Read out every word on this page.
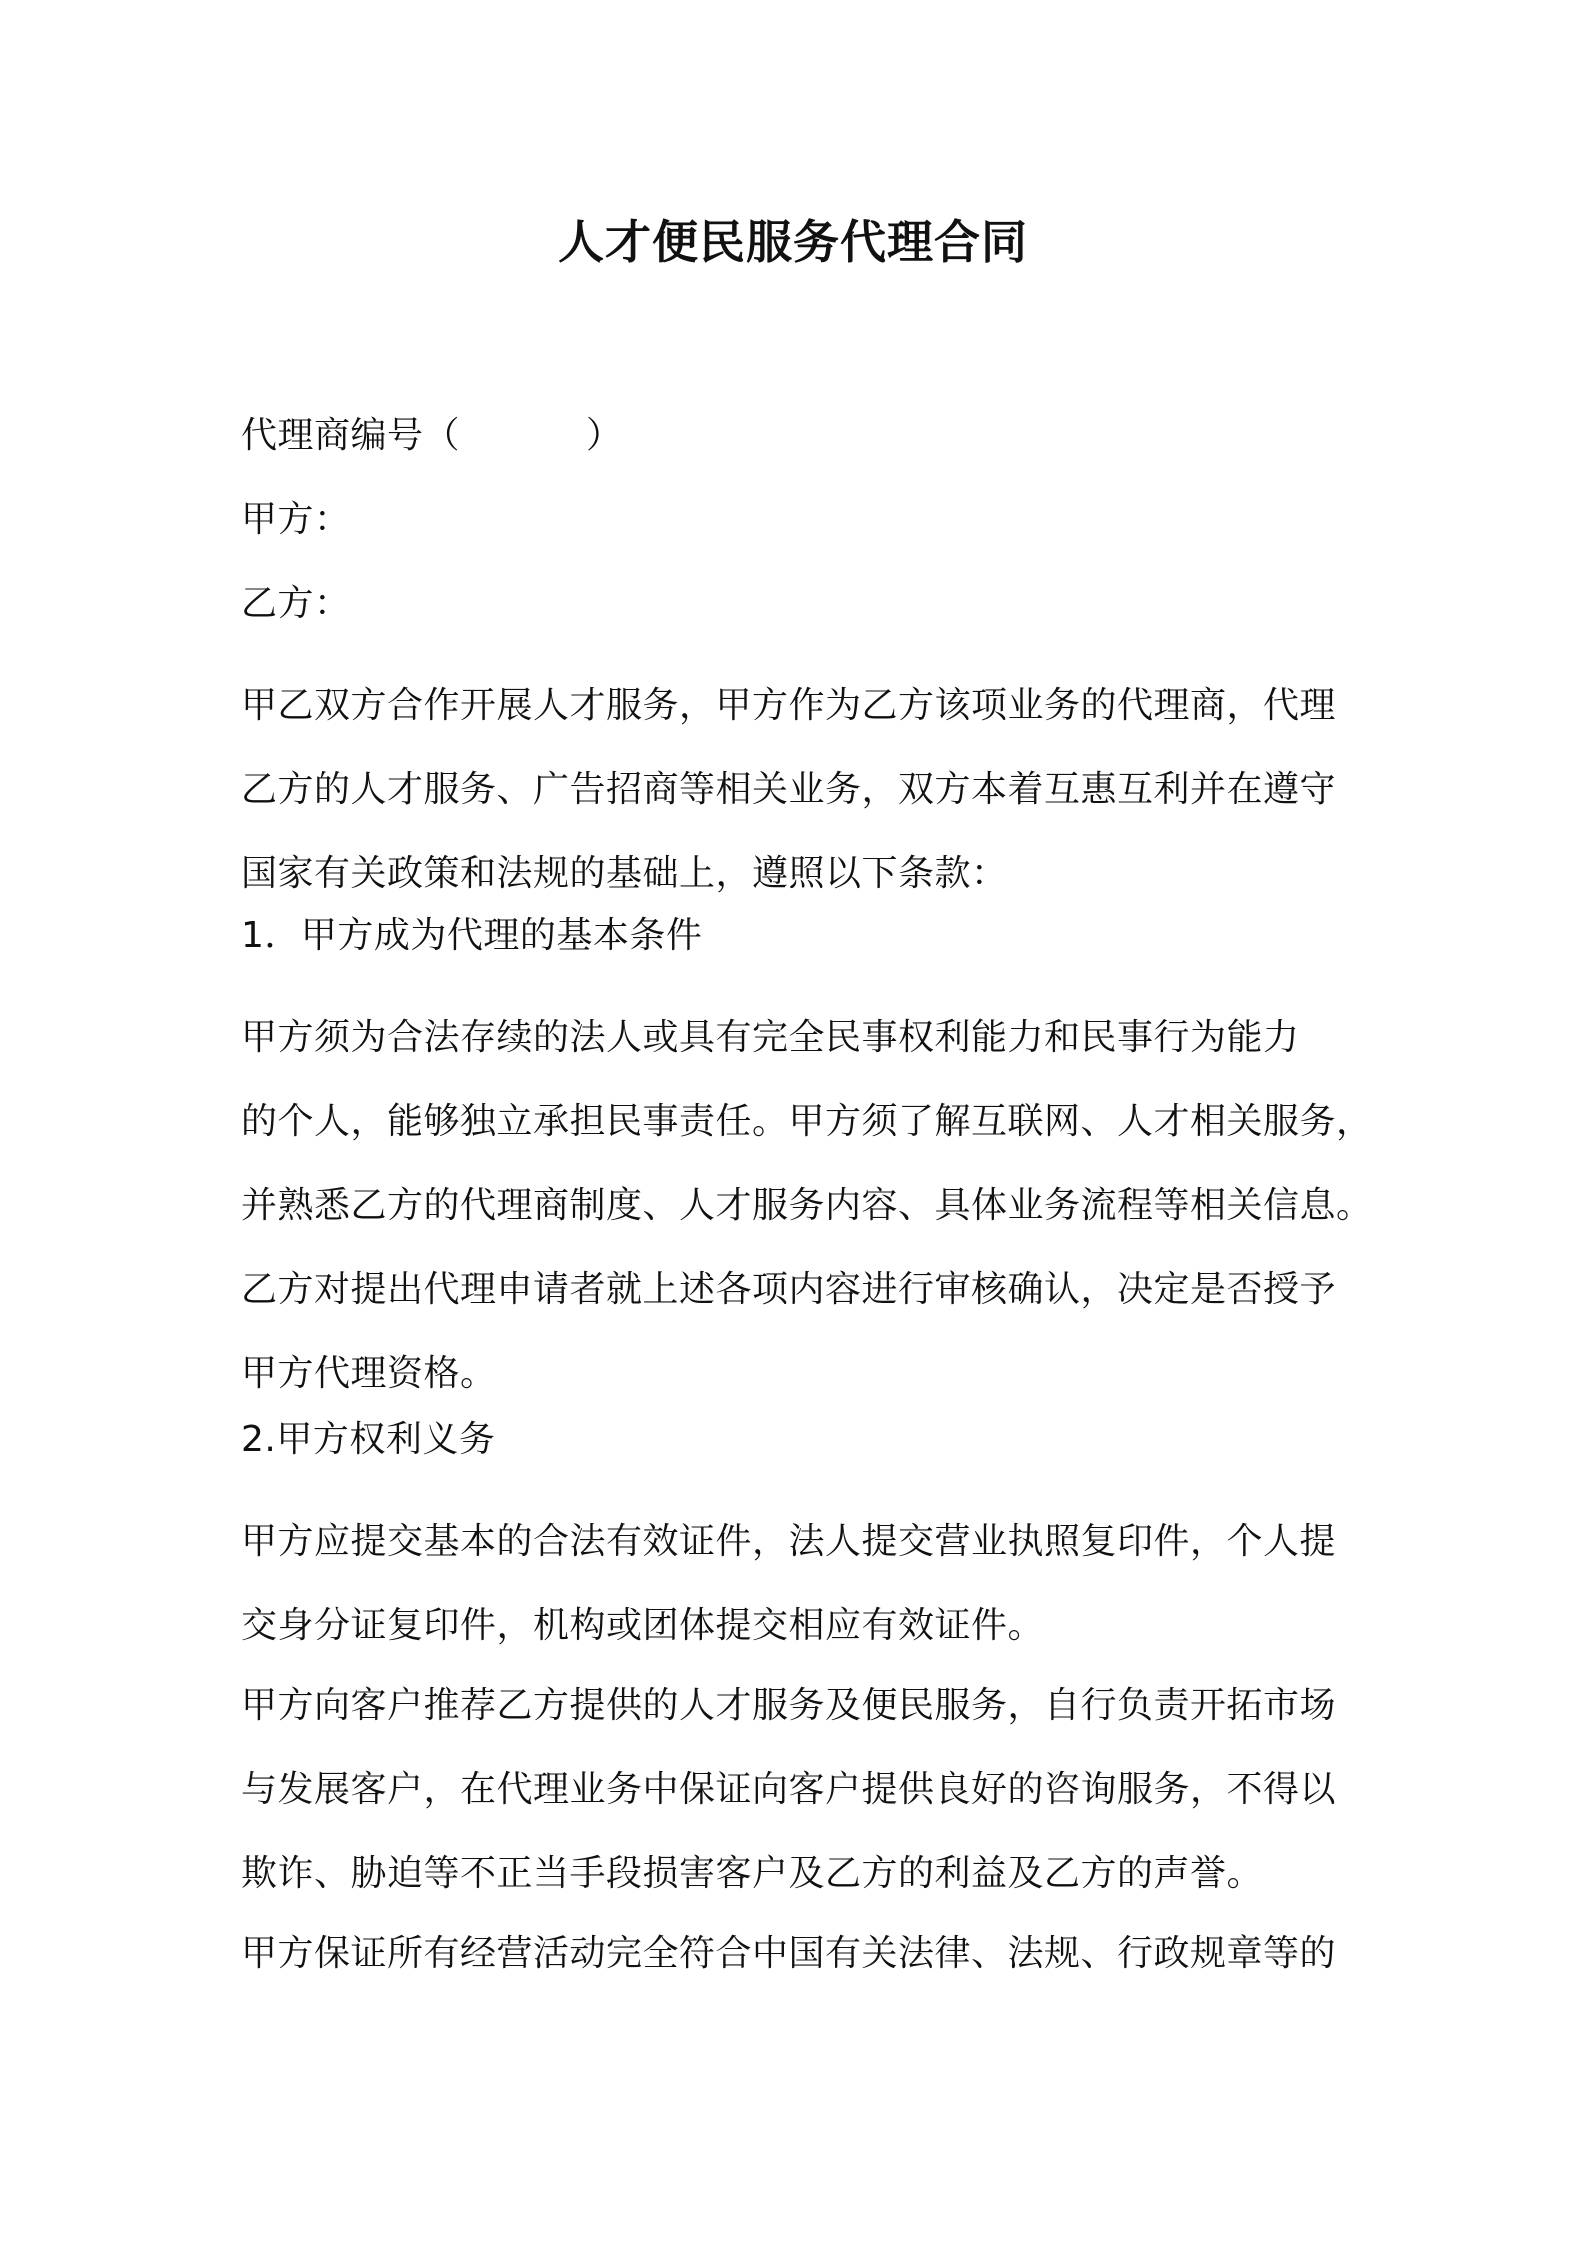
人才便民服务代理合同

代理商编号（	）

甲方：

乙方：

甲乙双方合作开展人才服务，甲方作为乙方该项业务的代理商，代理
乙方的人才服务、广告招商等相关业务，双方本着互惠互利并在遵守
国家有关政策和法规的基础上，遵照以下条款：

1．甲方成为代理的基本条件

甲方须为合法存续的法人或具有完全民事权利能力和民事行为能力
的个人，能够独立承担民事责任。甲方须了解互联网、人才相关服务，
并熟悉乙方的代理商制度、人才服务内容、具体业务流程等相关信息。
乙方对提出代理申请者就上述各项内容进行审核确认，决定是否授予
甲方代理资格。

2.甲方权利义务

甲方应提交基本的合法有效证件，法人提交营业执照复印件，个人提
交身分证复印件，机构或团体提交相应有效证件。
甲方向客户推荐乙方提供的人才服务及便民服务，自行负责开拓市场
与发展客户，在代理业务中保证向客户提供良好的咨询服务，不得以
欺诈、胁迫等不正当手段损害客户及乙方的利益及乙方的声誉。
甲方保证所有经营活动完全符合中国有关法律、法规、行政规章等的
